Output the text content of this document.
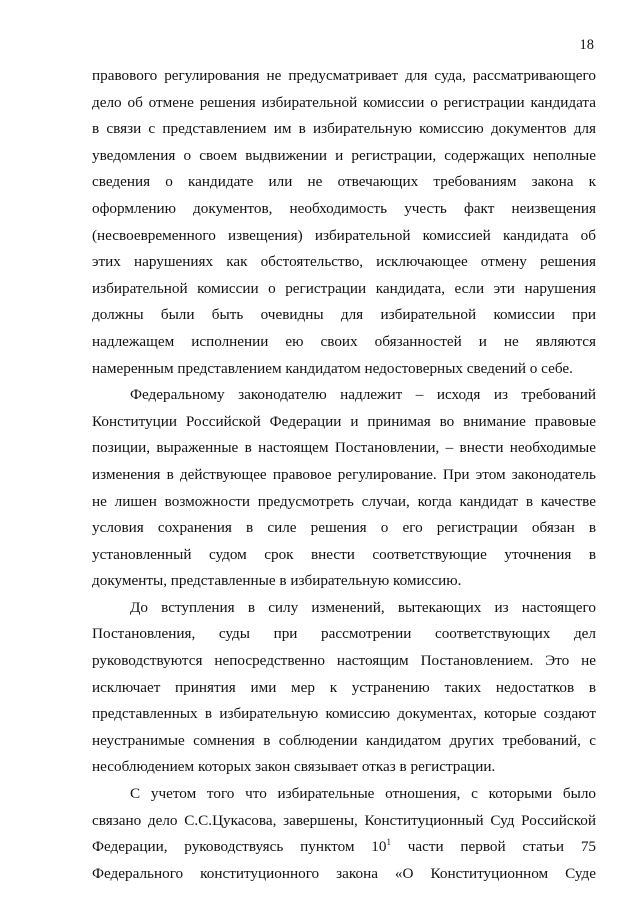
18
правового регулирования не предусматривает для суда, рассматривающего
дело об отмене решения избирательной комиссии о регистрации кандидата
в связи с представлением им в избирательную комиссию документов для
уведомления о своем выдвижении и регистрации, содержащих неполные
сведения о кандидате или не отвечающих требованиям закона к
оформлению документов, необходимость учесть факт неизвещения
(несвоевременного извещения) избирательной комиссией кандидата об
этих нарушениях как обстоятельство, исключающее отмену решения
избирательной комиссии о регистрации кандидата, если эти нарушения
должны были быть очевидны для избирательной комиссии при
надлежащем исполнении ею своих обязанностей и не являются
намеренным представлением кандидатом недостоверных сведений о себе.
Федеральному законодателю надлежит – исходя из требований
Конституции Российской Федерации и принимая во внимание правовые
позиции, выраженные в настоящем Постановлении, – внести необходимые
изменения в действующее правовое регулирование. При этом законодатель
не лишен возможности предусмотреть случаи, когда кандидат в качестве
условия сохранения в силе решения о его регистрации обязан в
установленный судом срок внести соответствующие уточнения в
документы, представленные в избирательную комиссию.
До вступления в силу изменений, вытекающих из настоящего
Постановления, суды при рассмотрении соответствующих дел
руководствуются непосредственно настоящим Постановлением. Это не
исключает принятия ими мер к устранению таких недостатков в
представленных в избирательную комиссию документах, которые создают
неустранимые сомнения в соблюдении кандидатом других требований, с
несоблюдением которых закон связывает отказ в регистрации.
С учетом того что избирательные отношения, с которыми было
связано дело С.С.Цукасова, завершены, Конституционный Суд Российской
Федерации, руководствуясь пунктом $10^1$ части первой статьи 75
Федерального конституционного закона «О Конституционном Суде
